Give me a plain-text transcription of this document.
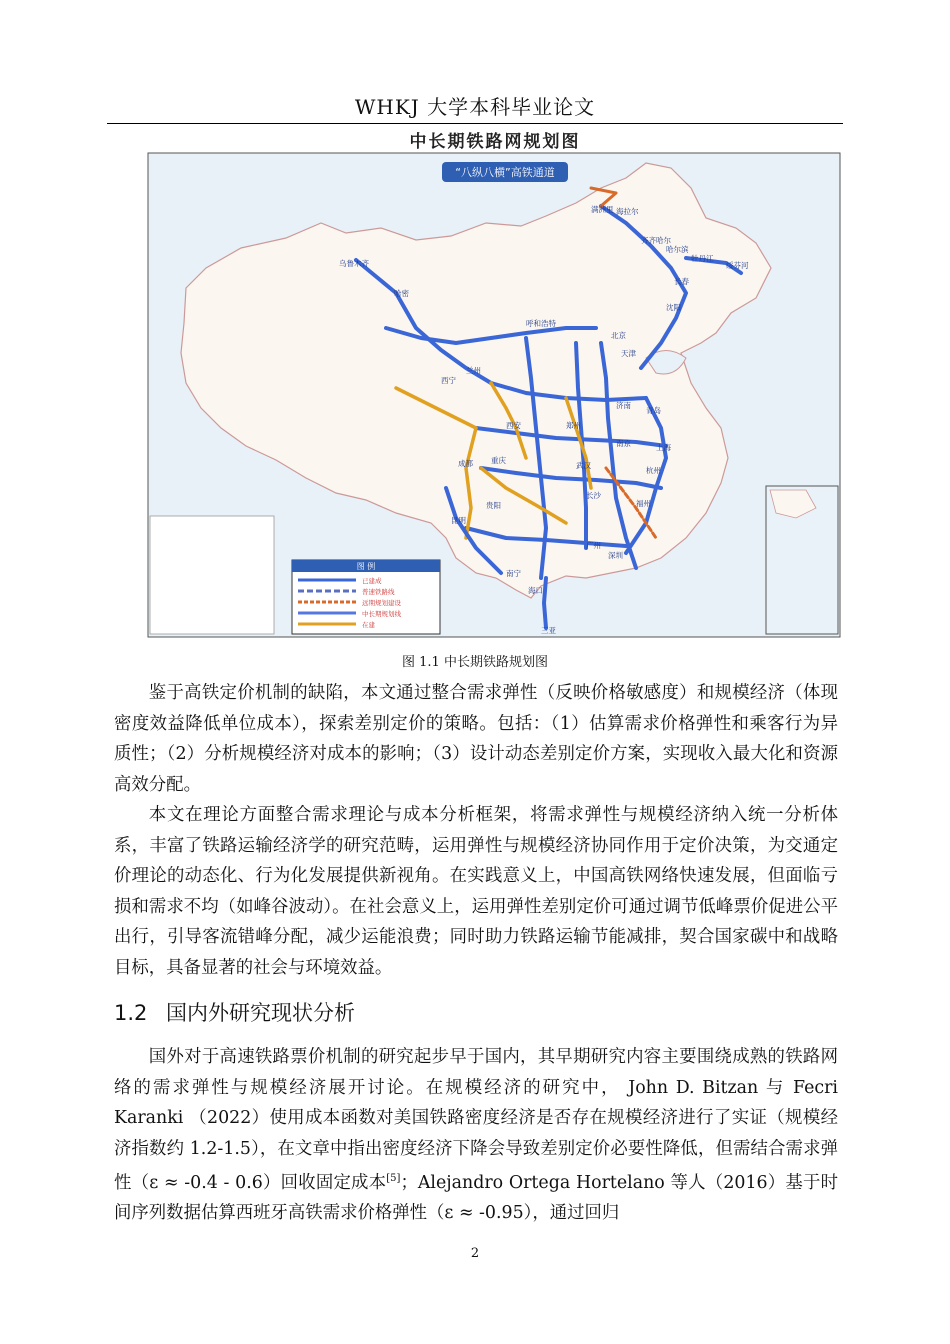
WHKJ 大学本科毕业论文
中长期铁路网规划图
“八纵八横”高铁通道
乌鲁木齐
哈密
满洲里 海拉尔
齐齐哈尔
哈尔滨
牡丹江
绥芬河
长春
沈阳
北京
天津
呼和浩特
济南
青岛
郑州
南京	上海
杭州
武汉
长沙
福州
广州
深圳
海口
三亚
南宁
昆明
贵阳
重庆
成都
西安
兰州
西宁
图 例
已建成
普速铁路线
远期规划建设
中长期规划线
在建
图 1.1 中长期铁路规划图

鉴于高铁定价机制的缺陷，本文通过整合需求弹性（反映价格敏感度）和规模经济（体现密度效益降低单位成本），探索差别定价的策略。包括：（1）估算需求价格弹性和乘客行为异质性；（2）分析规模经济对成本的影响；（3）设计动态差别定价方案，实现收入最大化和资源高效分配。

本文在理论方面整合需求理论与成本分析框架，将需求弹性与规模经济纳入统一分析体系，丰富了铁路运输经济学的研究范畴，运用弹性与规模经济协同作用于定价决策，为交通定价理论的动态化、行为化发展提供新视角。在实践意义上，中国高铁网络快速发展，但面临亏损和需求不均（如峰谷波动）。在社会意义上，运用弹性差别定价可通过调节低峰票价促进公平出行，引导客流错峰分配，减少运能浪费；同时助力铁路运输节能减排，契合国家碳中和战略目标，具备显著的社会与环境效益。

1.2 国内外研究现状分析

国外对于高速铁路票价机制的研究起步早于国内，其早期研究内容主要围绕成熟的铁路网络的需求弹性与规模经济展开讨论。在规模经济的研究中， John D. Bitzan 与 Fecri Karanki （2022）使用成本函数对美国铁路密度经济是否存在规模经济进行了实证（规模经济指数约 1.2-1.5），在文章中指出密度经济下降会导致差别定价必要性降低，但需结合需求弹性（ε ≈ -0.4 - 0.6）回收固定成本[5]；Alejandro Ortega Hortelano 等人（2016）基于时间序列数据估算西班牙高铁需求价格弹性（ε ≈ -0.95），通过回归

2
